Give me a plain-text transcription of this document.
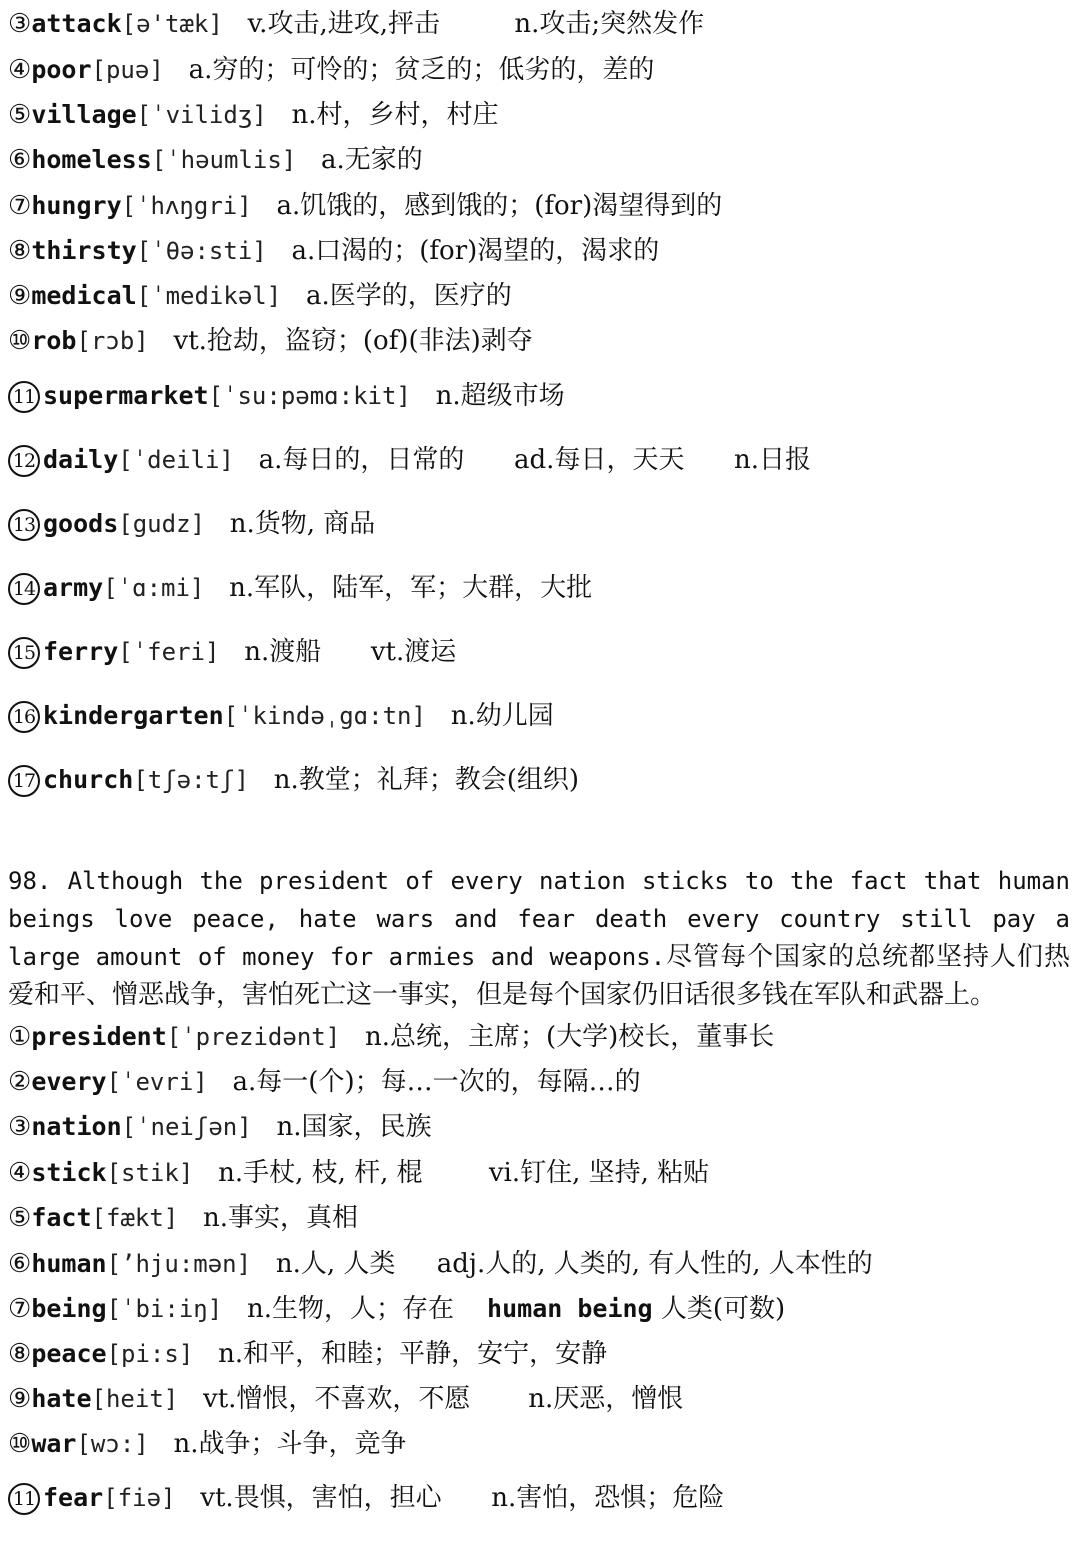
③attack[ə'tæk] v.攻击,进攻,抨击	n.攻击;突然发作
④poor[puə] a.穷的；可怜的；贫乏的；低劣的，差的
⑤village[ˈvilidʒ] n.村，乡村，村庄
⑥homeless[ˈhəumlis] a.无家的
⑦hungry[ˈhʌŋgri] a.饥饿的，感到饿的；(for)渴望得到的
⑧thirsty[ˈθə:sti] a.口渴的；(for)渴望的，渴求的
⑨medical[ˈmedikəl] a.医学的，医疗的
⑩rob[rɔb] vt.抢劫，盗窃；(of)(非法)剥夺
11 supermarket[ˈsu:pəmɑ:kit] n.超级市场
12 daily[ˈdeili] a.每日的，日常的 ad.每日，天天 n.日报
13 goods[gudz] n.货物, 商品
14 army[ˈɑ:mi] n.军队，陆军，军；大群，大批
15 ferry[ˈferi] n.渡船 vt.渡运
16 kindergarten[ˈkindəˌgɑ:tn] n.幼儿园
17 church[tʃə:tʃ] n.教堂；礼拜；教会(组织)
98. Although the president of every nation sticks to the fact that human beings love peace, hate wars and fear death every country still pay a large amount of money for armies and weapons.尽管每个国家的总统都坚持人们热爱和平、憎恶战争，害怕死亡这一事实，但是每个国家仍旧话很多钱在军队和武器上。
①president[ˈprezidənt] n.总统，主席；(大学)校长，董事长
②every[ˈevri] a.每一(个)；每…一次的，每隔…的
③nation[ˈneiʃən] n.国家，民族
④stick[stik] n.手杖, 枝, 杆, 棍	vi.钉住, 坚持, 粘贴
⑤fact[fækt] n.事实，真相
⑥human[’hju:mən] n.人, 人类 adj.人的, 人类的, 有人性的, 人本性的
⑦being[ˈbi:iŋ] n.生物，人；存在 human being 人类(可数)
⑧peace[pi:s] n.和平，和睦；平静，安宁，安静
⑨hate[heit] vt.憎恨，不喜欢，不愿 n.厌恶，憎恨
⑩war[wɔ:] n.战争；斗争，竞争
11 fear[fiə] vt.畏惧，害怕，担心 n.害怕，恐惧；危险
